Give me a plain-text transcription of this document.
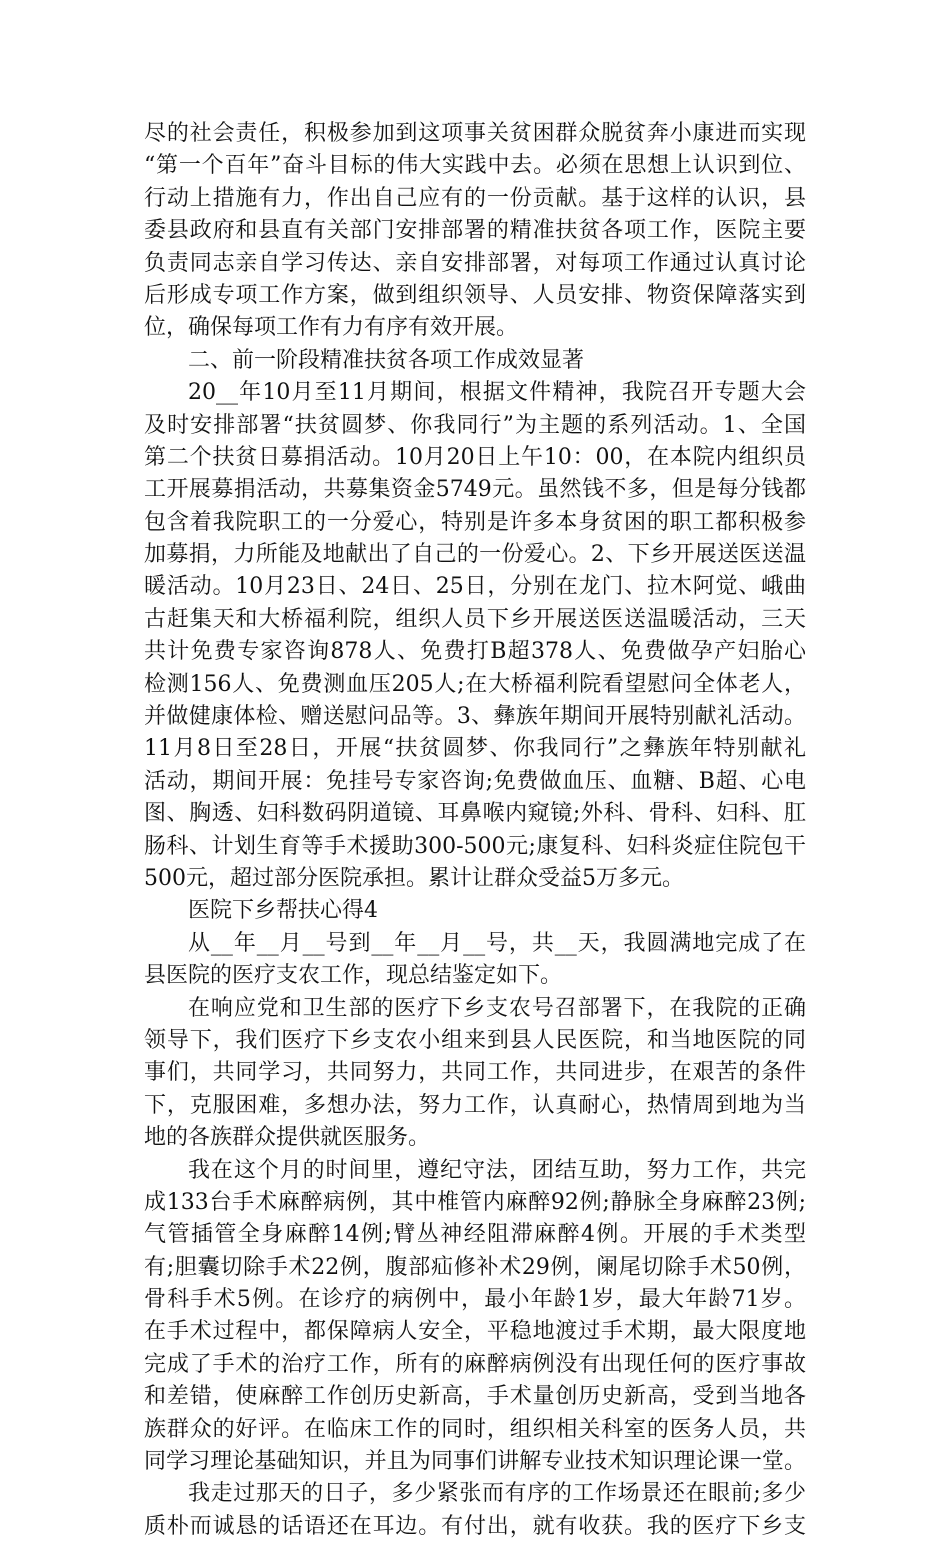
尽的社会责任，积极参加到这项事关贫困群众脱贫奔小康进而实现
“第一个百年”奋斗目标的伟大实践中去。必须在思想上认识到位、
行动上措施有力，作出自己应有的一份贡献。基于这样的认识，县
委县政府和县直有关部门安排部署的精准扶贫各项工作，医院主要
负责同志亲自学习传达、亲自安排部署，对每项工作通过认真讨论
后形成专项工作方案，做到组织领导、人员安排、物资保障落实到
位，确保每项工作有力有序有效开展。
二、前一阶段精准扶贫各项工作成效显著
20__年10月至11月期间，根据文件精神，我院召开专题大会
及时安排部署“扶贫圆梦、你我同行”为主题的系列活动。1、全国
第二个扶贫日募捐活动。10月20日上午10：00，在本院内组织员
工开展募捐活动，共募集资金5749元。虽然钱不多，但是每分钱都
包含着我院职工的一分爱心，特别是许多本身贫困的职工都积极参
加募捐，力所能及地献出了自己的一份爱心。2、下乡开展送医送温
暖活动。10月23日、24日、25日，分别在龙门、拉木阿觉、峨曲
古赶集天和大桥福利院，组织人员下乡开展送医送温暖活动，三天
共计免费专家咨询878人、免费打B超378人、免费做孕产妇胎心
检测156人、免费测血压205人;在大桥福利院看望慰问全体老人，
并做健康体检、赠送慰问品等。3、彝族年期间开展特别献礼活动。
11月8日至28日，开展“扶贫圆梦、你我同行”之彝族年特别献礼
活动，期间开展：免挂号专家咨询;免费做血压、血糖、B超、心电
图、胸透、妇科数码阴道镜、耳鼻喉内窥镜;外科、骨科、妇科、肛
肠科、计划生育等手术援助300-500元;康复科、妇科炎症住院包干
500元，超过部分医院承担。累计让群众受益5万多元。
医院下乡帮扶心得4
从__年__月__号到__年__月__号，共__天，我圆满地完成了在
县医院的医疗支农工作，现总结鉴定如下。
在响应党和卫生部的医疗下乡支农号召部署下，在我院的正确
领导下，我们医疗下乡支农小组来到县人民医院，和当地医院的同
事们，共同学习，共同努力，共同工作，共同进步，在艰苦的条件
下，克服困难，多想办法，努力工作，认真耐心，热情周到地为当
地的各族群众提供就医服务。
我在这个月的时间里，遵纪守法，团结互助，努力工作，共完
成133台手术麻醉病例，其中椎管内麻醉92例;静脉全身麻醉23例;
气管插管全身麻醉14例;臂丛神经阻滞麻醉4例。开展的手术类型
有;胆囊切除手术22例，腹部疝修补术29例，阑尾切除手术50例，
骨科手术5例。在诊疗的病例中，最小年龄1岁，最大年龄71岁。
在手术过程中，都保障病人安全，平稳地渡过手术期，最大限度地
完成了手术的治疗工作，所有的麻醉病例没有出现任何的医疗事故
和差错，使麻醉工作创历史新高，手术量创历史新高，受到当地各
族群众的好评。在临床工作的同时，组织相关科室的医务人员，共
同学习理论基础知识，并且为同事们讲解专业技术知识理论课一堂。
我走过那天的日子，多少紧张而有序的工作场景还在眼前;多少
质朴而诚恳的话语还在耳边。有付出，就有收获。我的医疗下乡支
